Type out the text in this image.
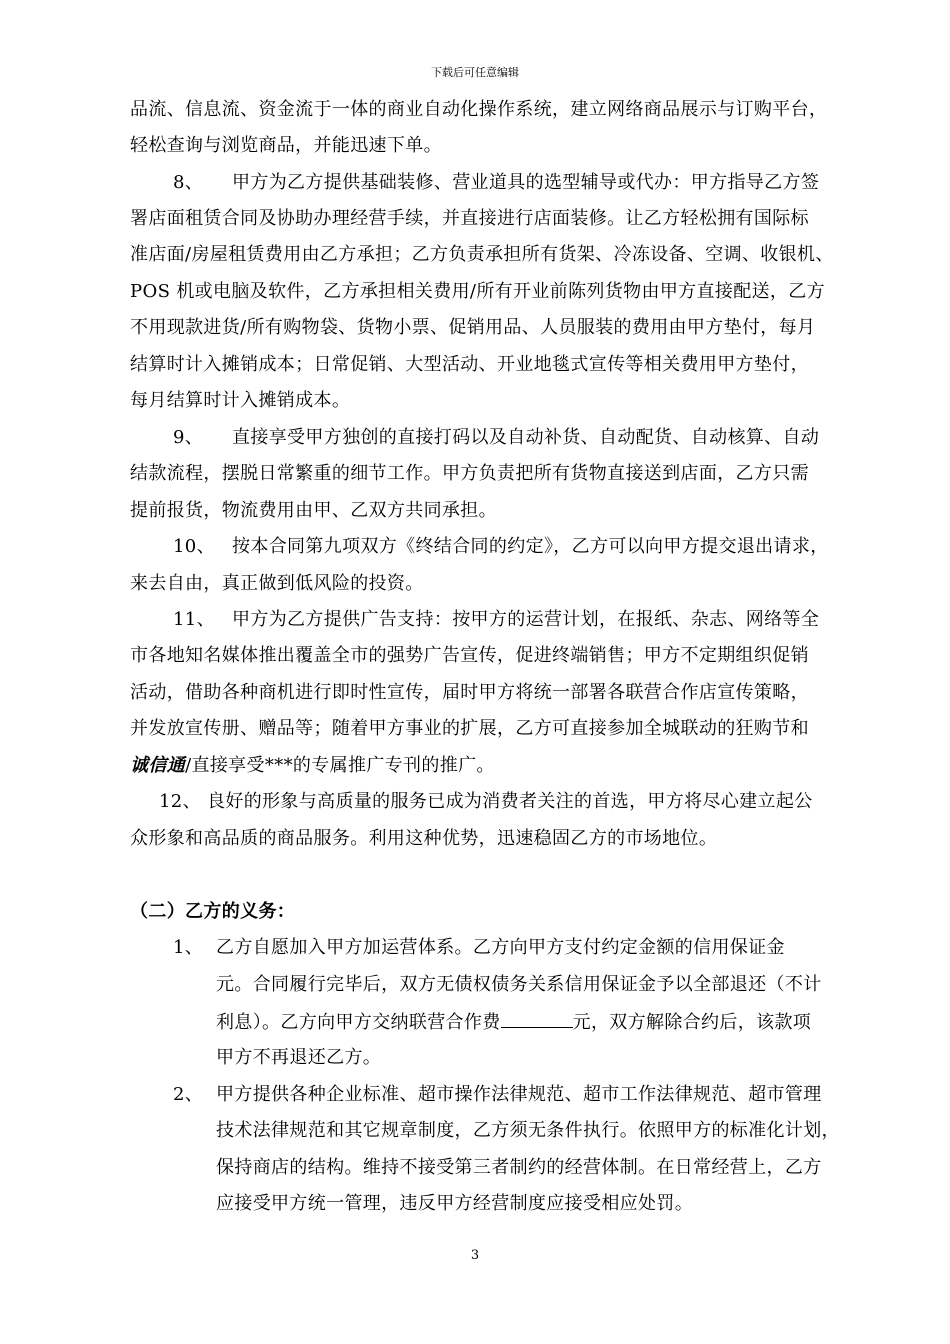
下载后可任意编辑
品流、信息流、资金流于一体的商业自动化操作系统，建立网络商品展示与订购平台，
轻松查询与浏览商品，并能迅速下单。
8、 甲方为乙方提供基础装修、营业道具的选型辅导或代办：甲方指导乙方签
署店面租赁合同及协助办理经营手续，并直接进行店面装修。让乙方轻松拥有国际标
准店面/房屋租赁费用由乙方承担；乙方负责承担所有货架、冷冻设备、空调、收银机、
POS 机或电脑及软件，乙方承担相关费用/所有开业前陈列货物由甲方直接配送，乙方
不用现款进货/所有购物袋、货物小票、促销用品、人员服装的费用由甲方垫付，每月
结算时计入摊销成本；日常促销、大型活动、开业地毯式宣传等相关费用甲方垫付，
每月结算时计入摊销成本。
9、 直接享受甲方独创的直接打码以及自动补货、自动配货、自动核算、自动
结款流程，摆脱日常繁重的细节工作。甲方负责把所有货物直接送到店面，乙方只需
提前报货，物流费用由甲、乙双方共同承担。
10、 按本合同第九项双方《终结合同的约定》，乙方可以向甲方提交退出请求，
来去自由，真正做到低风险的投资。
11、 甲方为乙方提供广告支持：按甲方的运营计划，在报纸、杂志、网络等全
市各地知名媒体推出覆盖全市的强势广告宣传，促进终端销售；甲方不定期组织促销
活动，借助各种商机进行即时性宣传，届时甲方将统一部署各联营合作店宣传策略，
并发放宣传册、赠品等；随着甲方事业的扩展，乙方可直接参加全城联动的狂购节和
诚信通/直接享受***的专属推广专刊的推广。
12、 良好的形象与高质量的服务已成为消费者关注的首选，甲方将尽心建立起公
众形象和高品质的商品服务。利用这种优势，迅速稳固乙方的市场地位。
（二）乙方的义务：
1、 乙方自愿加入甲方加运营体系。乙方向甲方支付约定金额的信用保证金
元。合同履行完毕后，双方无债权债务关系信用保证金予以全部退还（不计
利息）。乙方向甲方交纳联营合作费	元，双方解除合约后，该款项
甲方不再退还乙方。
2、 甲方提供各种企业标准、超市操作法律规范、超市工作法律规范、超市管理
技术法律规范和其它规章制度，乙方须无条件执行。依照甲方的标准化计划，
保持商店的结构。维持不接受第三者制约的经营体制。在日常经营上，乙方
应接受甲方统一管理，违反甲方经营制度应接受相应处罚。
3
